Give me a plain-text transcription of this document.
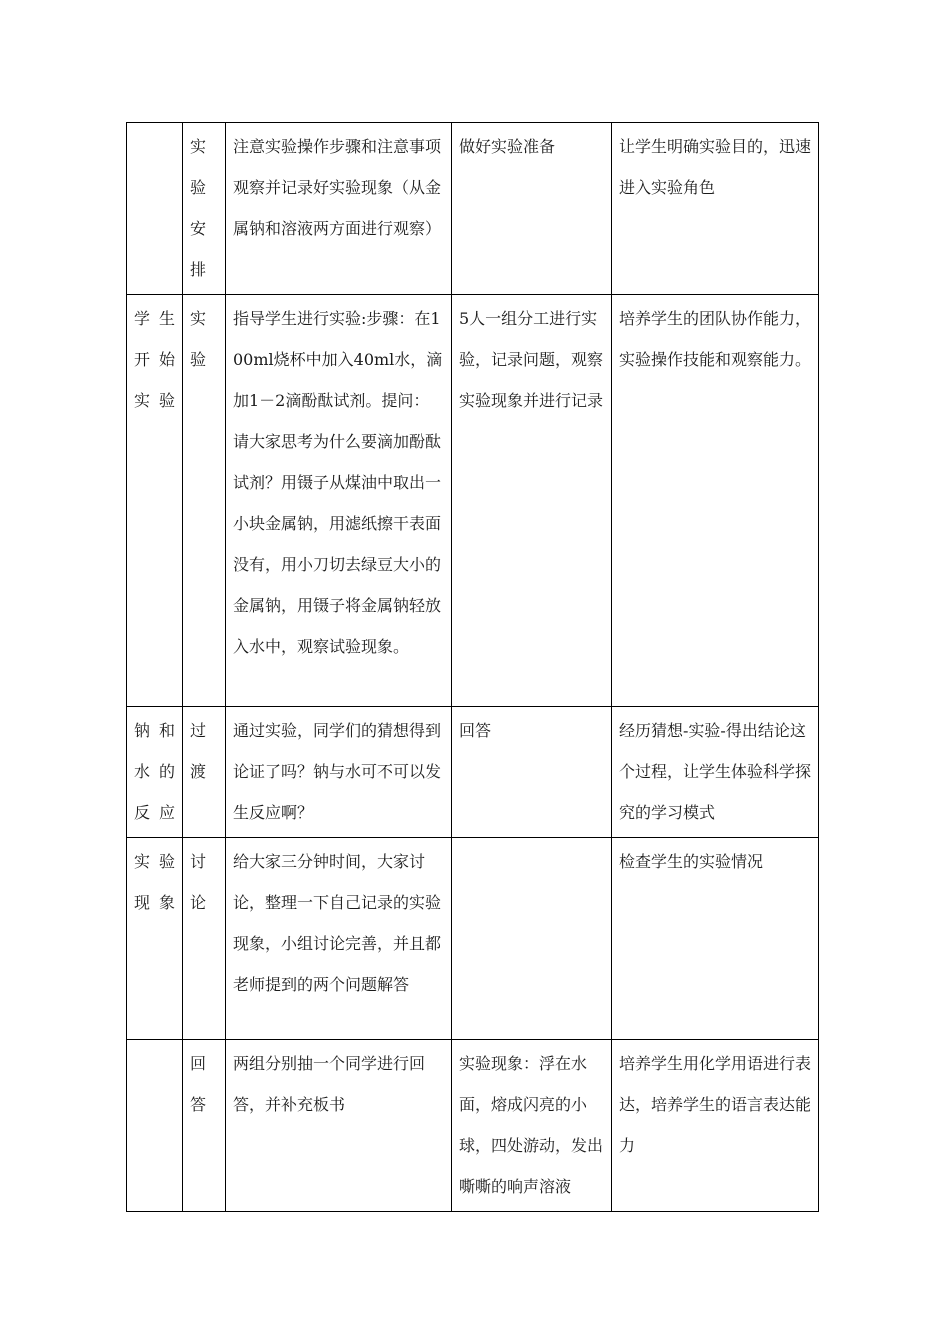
	实验安排	注意实验操作步骤和注意事项　观察并记录好实验现象（从金属钠和溶液两方面进行观察）	做好实验准备	让学生明确实验目的，迅速进入实验角色
学生开始实验	实验	指导学生进行实验:步骤：在100ml烧杯中加入40ml水，滴加1－2滴酚酞试剂。提问：请大家思考为什么要滴加酚酞试剂？用镊子从煤油中取出一小块金属钠，用滤纸擦干表面没有，用小刀切去绿豆大小的金属钠，用镊子将金属钠轻放入水中，观察试验现象。	5人一组分工进行实验，记录问题，观察实验现象并进行记录	培养学生的团队协作能力，实验操作技能和观察能力。
钠和水的反应	过渡	通过实验，同学们的猜想得到论证了吗？钠与水可不可以发生反应啊？	回答	经历猜想-实验-得出结论这个过程，让学生体验科学探究的学习模式
实验现象	讨论	给大家三分钟时间，大家讨论，整理一下自己记录的实验现象，小组讨论完善，并且都老师提到的两个问题解答		检查学生的实验情况
	回答	两组分别抽一个同学进行回答，并补充板书	实验现象：浮在水面，熔成闪亮的小球，四处游动，发出嘶嘶的响声溶液	培养学生用化学用语进行表达，培养学生的语言表达能力
